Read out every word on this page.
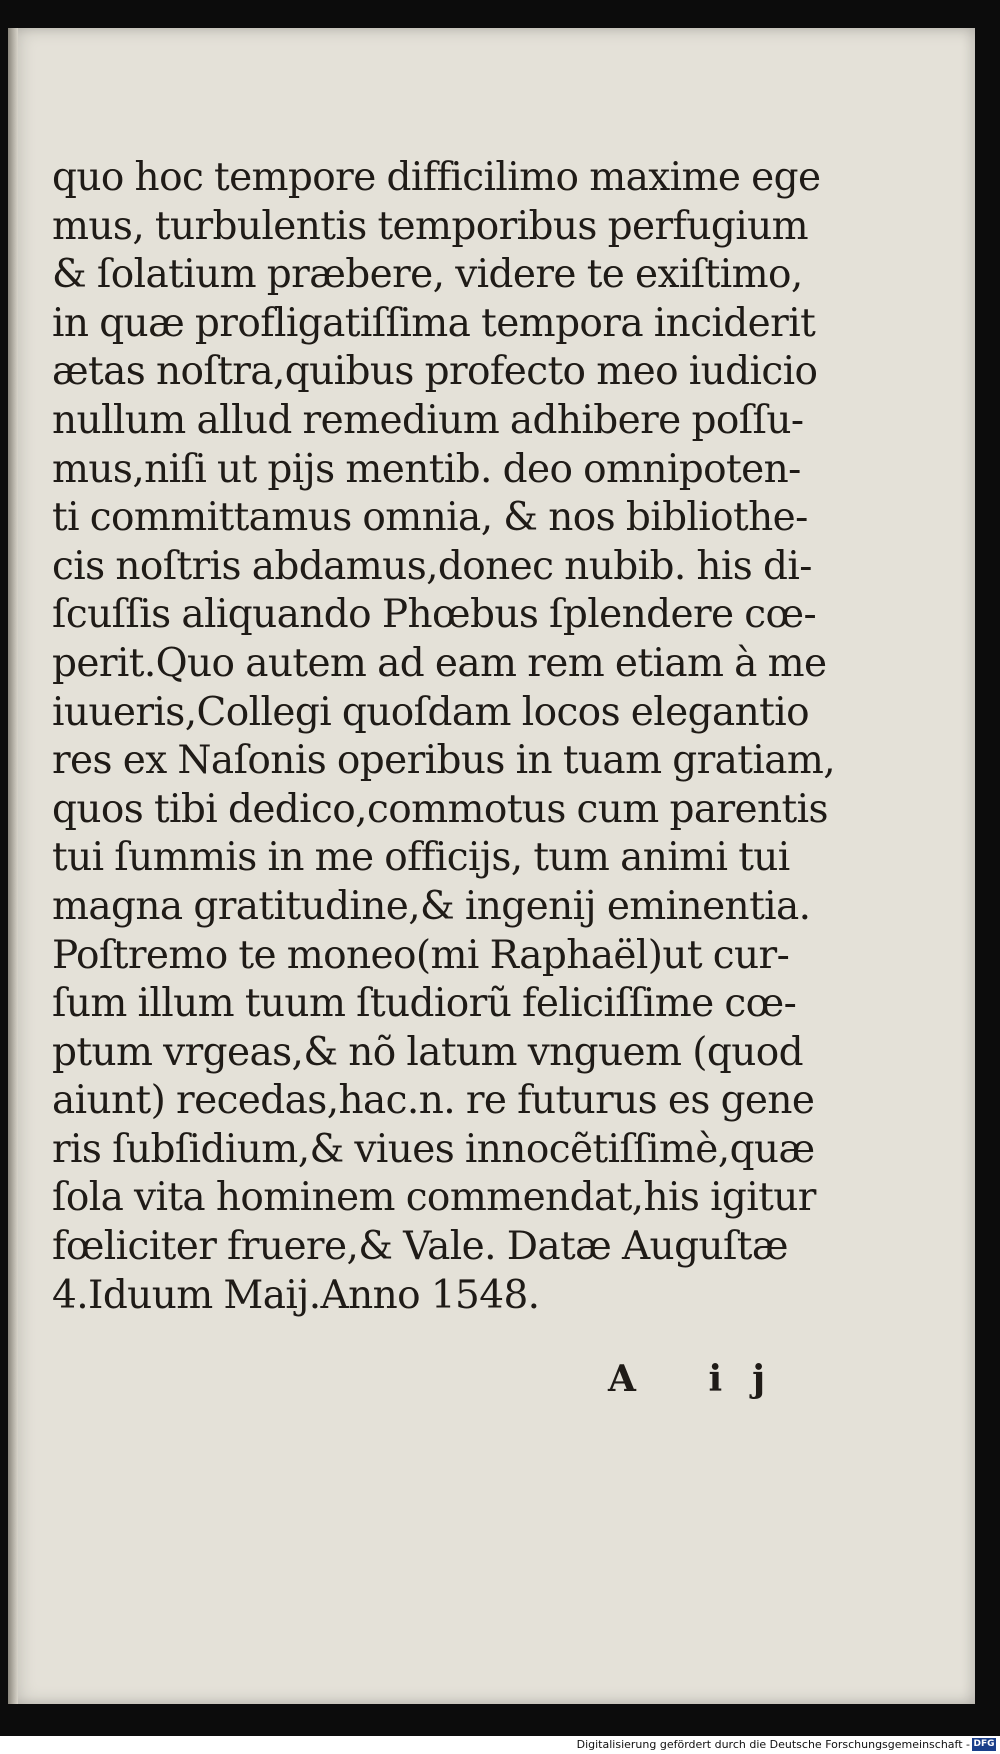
quo hoc tempore difficilimo maxime ege
mus, turbulentis temporibus perfugium
& ſolatium præbere, videre te exiſtimo,
in quæ profligatiſſima tempora inciderit
ætas noſtra,quibus profecto meo iudicio
nullum allud remedium adhibere poſſu-
mus,niſi ut pijs mentib. deo omnipoten-
ti committamus omnia, & nos bibliothe-
cis noſtris abdamus,donec nubib. his di-
ſcuſſis aliquando Phœbus ſplendere cœ-
perit.Quo autem ad eam rem etiam à me
iuueris,Collegi quoſdam locos elegantio
res ex Naſonis operibus in tuam gratiam,
quos tibi dedico,commotus cum parentis
tui ſummis in me officijs, tum animi tui
magna gratitudine,& ingenij eminentia.
Poſtremo te moneo(mi Raphaël)ut cur-
ſum illum tuum ſtudiorũ feliciſſime cœ-
ptum vrgeas,& nõ latum vnguem (quod
aiunt) recedas,hac.n. re futurus es gene
ris ſubſidium,& viues innocẽtiſſimè,quæ
ſola vita hominem commendat,his igitur
fœliciter fruere,& Vale. Datæ Auguſtæ
4.Iduum Maij.Anno 1548.
A ij
Digitalisierung gefördert durch die Deutsche Forschungsgemeinschaft - DFG
